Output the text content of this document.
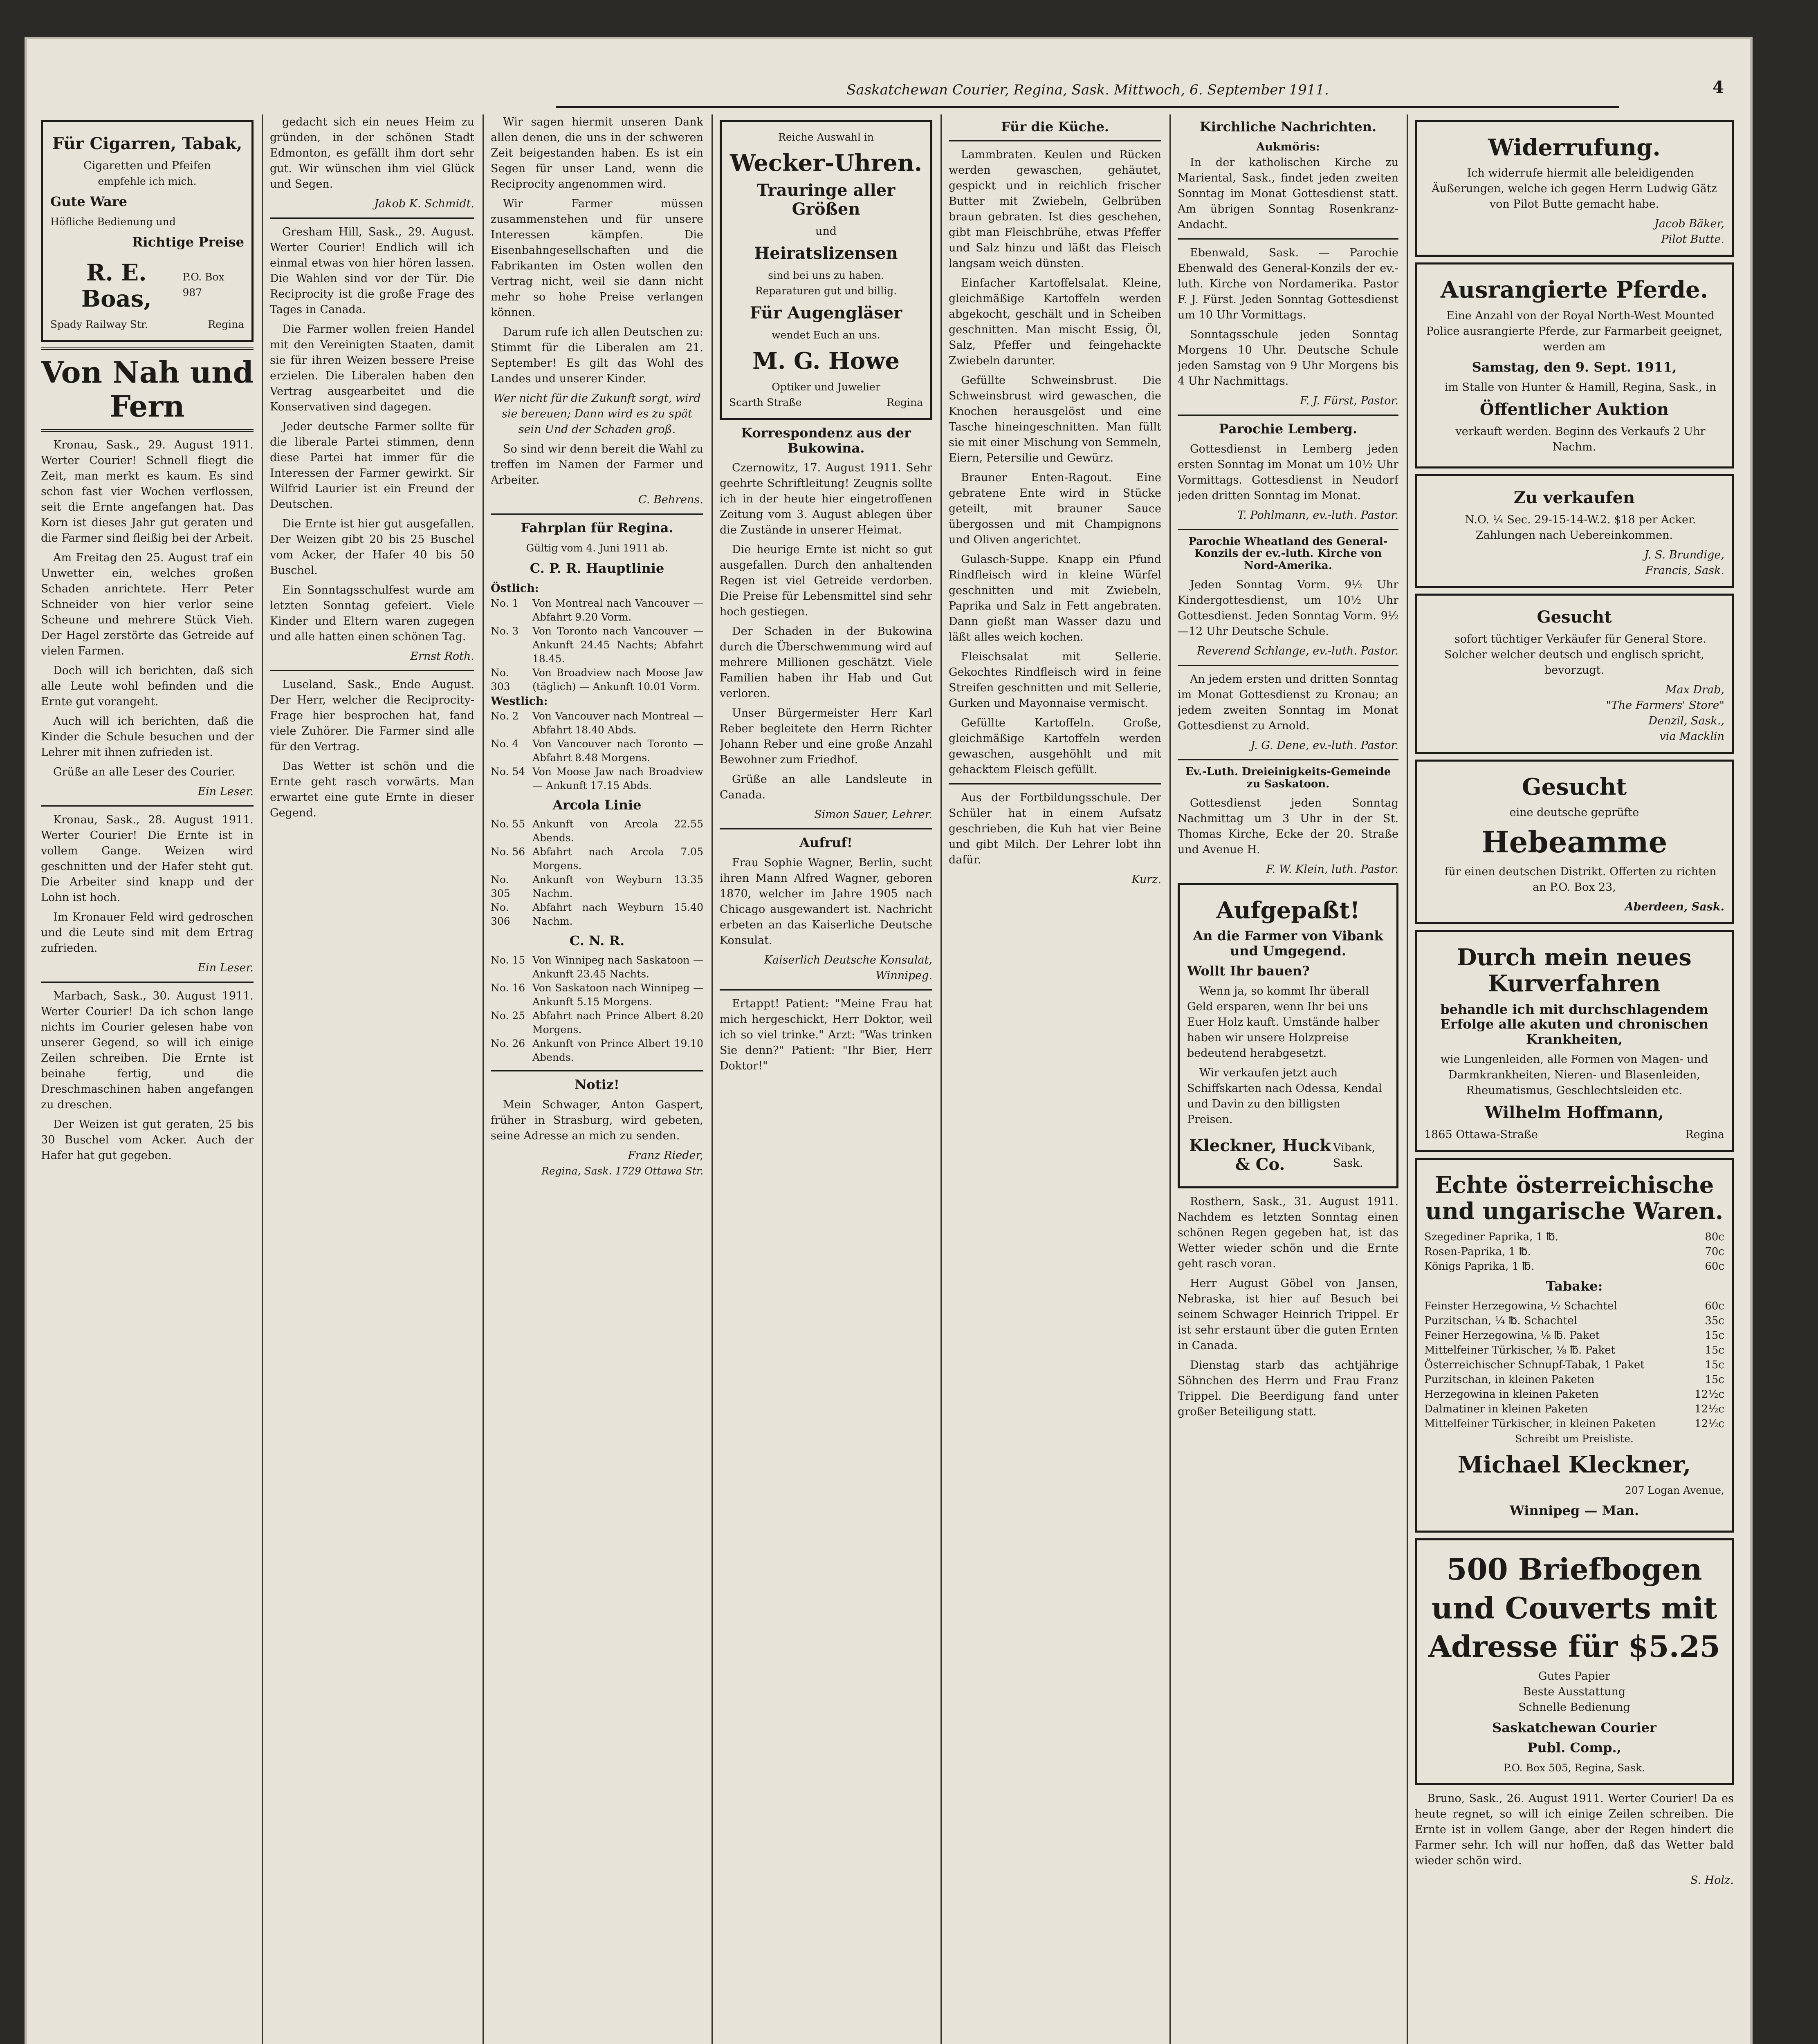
Saskatchewan Courier, Regina, Sask. Mittwoch, 6. September 1911.	4
Für Cigarren, Tabak,
Cigaretten und Pfeifen
empfehle ich mich.
Gute Ware
Höfliche Bedienung und
Richtige Preise
R. E. Boas,
P.O. Box 987
Spady Railway Str.	Regina
Von Nah und Fern

Kronau, Sask., 29. August 1911. Werter Courier! Schnell fliegt die Zeit, man merkt es kaum. Es sind schon fast vier Wochen verflossen, seit die Ernte angefangen hat. Das Korn ist dieses Jahr gut geraten und die Farmer sind fleißig bei der Arbeit.

Am Freitag den 25. August traf ein Unwetter ein, welches großen Schaden anrichtete. Herr Peter Schneider von hier verlor seine Scheune und mehrere Stück Vieh. Der Hagel zerstörte das Getreide auf vielen Farmen.

Doch will ich berichten, daß sich alle Leute wohl befinden und die Ernte gut vorangeht.

Auch will ich berichten, daß die Kinder die Schule besuchen und der Lehrer mit ihnen zufrieden ist.

Grüße an alle Leser des Courier.

Ein Leser.

Kronau, Sask., 28. August 1911. Werter Courier! Die Ernte ist in vollem Gange. Weizen wird geschnitten und der Hafer steht gut. Die Arbeiter sind knapp und der Lohn ist hoch.

Im Kronauer Feld wird gedroschen und die Leute sind mit dem Ertrag zufrieden.

Ein Leser.

Marbach, Sask., 30. August 1911. Werter Courier! Da ich schon lange nichts im Courier gelesen habe von unserer Gegend, so will ich einige Zeilen schreiben. Die Ernte ist beinahe fertig, und die Dreschmaschinen haben angefangen zu dreschen.

Der Weizen ist gut geraten, 25 bis 30 Buschel vom Acker. Auch der Hafer hat gut gegeben.

gedacht sich ein neues Heim zu gründen, in der schönen Stadt Edmonton, es gefällt ihm dort sehr gut. Wir wünschen ihm viel Glück und Segen.

Jakob K. Schmidt.

Gresham Hill, Sask., 29. August. Werter Courier! Endlich will ich einmal etwas von hier hören lassen. Die Wahlen sind vor der Tür. Die Reciprocity ist die große Frage des Tages in Canada.

Die Farmer wollen freien Handel mit den Vereinigten Staaten, damit sie für ihren Weizen bessere Preise erzielen. Die Liberalen haben den Vertrag ausgearbeitet und die Konservativen sind dagegen.

Jeder deutsche Farmer sollte für die liberale Partei stimmen, denn diese Partei hat immer für die Interessen der Farmer gewirkt. Sir Wilfrid Laurier ist ein Freund der Deutschen.

Die Ernte ist hier gut ausgefallen. Der Weizen gibt 20 bis 25 Buschel vom Acker, der Hafer 40 bis 50 Buschel.

Ein Sonntagsschulfest wurde am letzten Sonntag gefeiert. Viele Kinder und Eltern waren zugegen und alle hatten einen schönen Tag.

Ernst Roth.

Luseland, Sask., Ende August. Der Herr, welcher die Reciprocity-Frage hier besprochen hat, fand viele Zuhörer. Die Farmer sind alle für den Vertrag.

Das Wetter ist schön und die Ernte geht rasch vorwärts. Man erwartet eine gute Ernte in dieser Gegend.

Wir sagen hiermit unseren Dank allen denen, die uns in der schweren Zeit beigestanden haben. Es ist ein Segen für unser Land, wenn die Reciprocity angenommen wird.

Wir Farmer müssen zusammenstehen und für unsere Interessen kämpfen. Die Eisenbahngesellschaften und die Fabrikanten im Osten wollen den Vertrag nicht, weil sie dann nicht mehr so hohe Preise verlangen können.

Darum rufe ich allen Deutschen zu: Stimmt für die Liberalen am 21. September! Es gilt das Wohl des Landes und unserer Kinder.

Wer nicht für die Zukunft sorgt, wird sie bereuen; Dann wird es zu spät sein Und der Schaden groß.

So sind wir denn bereit die Wahl zu treffen im Namen der Farmer und Arbeiter.

C. Behrens.
Fahrplan für Regina.
Gültig vom 4. Juni 1911 ab.
C. P. R. Hauptlinie
Östlich:
No. 1	Von Montreal nach Vancouver — Abfahrt 9.20 Vorm.
No. 3	Von Toronto nach Vancouver — Ankunft 24.45 Nachts; Abfahrt 18.45.
No. 303
Von Broadview nach Moose Jaw (täglich) — Ankunft 10.01 Vorm.
Westlich:
No. 2	Von Vancouver nach Montreal — Abfahrt 18.40 Abds.
No. 4	Von Vancouver nach Toronto — Abfahrt 8.48 Morgens.
No. 54 Von Moose Jaw nach Broadview — Ankunft 17.15 Abds.
Arcola Linie
No. 55 Ankunft von Arcola 22.55 Abends.
No. 56 Abfahrt nach Arcola 7.05 Morgens.
No. 305
Ankunft von Weyburn 13.35 Nachm.
No. 306
Abfahrt nach Weyburn 15.40 Nachm.
C. N. R.
No. 15 Von Winnipeg nach Saskatoon — Ankunft 23.45 Nachts.
No. 16 Von Saskatoon nach Winnipeg — Ankunft 5.15 Morgens.
No. 25 Abfahrt nach Prince Albert 8.20 Morgens.
No. 26 Ankunft von Prince Albert 19.10 Abends.
Notiz!

Mein Schwager, Anton Gaspert, früher in Strasburg, wird gebeten, seine Adresse an mich zu senden.

Franz Rieder,
Regina, Sask. 1729 Ottawa Str.
Reiche Auswahl in
Wecker-Uhren.
Trauringe aller Größen
und
Heiratslizensen
sind bei uns zu haben.
Reparaturen gut und billig.
Für Augengläser
wendet Euch an uns.
M. G. Howe
Optiker und Juwelier
Scarth Straße	Regina
Korrespondenz aus der Bukowina.

Czernowitz, 17. August 1911. Sehr geehrte Schriftleitung! Zeugnis sollte ich in der heute hier eingetroffenen Zeitung vom 3. August ablegen über die Zustände in unserer Heimat.

Die heurige Ernte ist nicht so gut ausgefallen. Durch den anhaltenden Regen ist viel Getreide verdorben. Die Preise für Lebensmittel sind sehr hoch gestiegen.

Der Schaden in der Bukowina durch die Überschwemmung wird auf mehrere Millionen geschätzt. Viele Familien haben ihr Hab und Gut verloren.

Unser Bürgermeister Herr Karl Reber begleitete den Herrn Richter Johann Reber und eine große Anzahl Bewohner zum Friedhof.

Grüße an alle Landsleute in Canada.

Simon Sauer, Lehrer.
Aufruf!

Frau Sophie Wagner, Berlin, sucht ihren Mann Alfred Wagner, geboren 1870, welcher im Jahre 1905 nach Chicago ausgewandert ist. Nachricht erbeten an das Kaiserliche Deutsche Konsulat.

Kaiserlich Deutsche Konsulat,
Winnipeg.

Ertappt! Patient: "Meine Frau hat mich hergeschickt, Herr Doktor, weil ich so viel trinke." Arzt: "Was trinken Sie denn?" Patient: "Ihr Bier, Herr Doktor!"

Für die Küche.

Lammbraten. Keulen und Rücken werden gewaschen, gehäutet, gespickt und in reichlich frischer Butter mit Zwiebeln, Gelbrüben braun gebraten. Ist dies geschehen, gibt man Fleischbrühe, etwas Pfeffer und Salz hinzu und läßt das Fleisch langsam weich dünsten.

Einfacher Kartoffelsalat. Kleine, gleichmäßige Kartoffeln werden abgekocht, geschält und in Scheiben geschnitten. Man mischt Essig, Öl, Salz, Pfeffer und feingehackte Zwiebeln darunter.

Gefüllte Schweinsbrust. Die Schweinsbrust wird gewaschen, die Knochen herausgelöst und eine Tasche hineingeschnitten. Man füllt sie mit einer Mischung von Semmeln, Eiern, Petersilie und Gewürz.

Brauner Enten-Ragout. Eine gebratene Ente wird in Stücke geteilt, mit brauner Sauce übergossen und mit Champignons und Oliven angerichtet.

Gulasch-Suppe. Knapp ein Pfund Rindfleisch wird in kleine Würfel geschnitten und mit Zwiebeln, Paprika und Salz in Fett angebraten. Dann gießt man Wasser dazu und läßt alles weich kochen.

Fleischsalat mit Sellerie. Gekochtes Rindfleisch wird in feine Streifen geschnitten und mit Sellerie, Gurken und Mayonnaise vermischt.

Gefüllte Kartoffeln. Große, gleichmäßige Kartoffeln werden gewaschen, ausgehöhlt und mit gehacktem Fleisch gefüllt.

Aus der Fortbildungsschule. Der Schüler hat in einem Aufsatz geschrieben, die Kuh hat vier Beine und gibt Milch. Der Lehrer lobt ihn dafür.

Kurz.
Kirchliche Nachrichten.
Aukmöris:

In der katholischen Kirche zu Mariental, Sask., findet jeden zweiten Sonntag im Monat Gottesdienst statt. Am übrigen Sonntag Rosenkranz-Andacht.

Ebenwald, Sask. — Parochie Ebenwald des General-Konzils der ev.-luth. Kirche von Nordamerika. Pastor F. J. Fürst. Jeden Sonntag Gottesdienst um 10 Uhr Vormittags.

Sonntagsschule jeden Sonntag Morgens 10 Uhr. Deutsche Schule jeden Samstag von 9 Uhr Morgens bis 4 Uhr Nachmittags.

F. J. Fürst, Pastor.
Parochie Lemberg.

Gottesdienst in Lemberg jeden ersten Sonntag im Monat um 10½ Uhr Vormittags. Gottesdienst in Neudorf jeden dritten Sonntag im Monat.

T. Pohlmann, ev.-luth. Pastor.
Parochie Wheatland des General-Konzils der ev.-luth. Kirche von Nord-Amerika.

Jeden Sonntag Vorm. 9½ Uhr Kindergottesdienst, um 10½ Uhr Gottesdienst. Jeden Sonntag Vorm. 9½—12 Uhr Deutsche Schule.

Reverend Schlange, ev.-luth. Pastor.

An jedem ersten und dritten Sonntag im Monat Gottesdienst zu Kronau; an jedem zweiten Sonntag im Monat Gottesdienst zu Arnold.

J. G. Dene, ev.-luth. Pastor.
Ev.-Luth. Dreieinigkeits-Gemeinde zu Saskatoon.

Gottesdienst jeden Sonntag Nachmittag um 3 Uhr in der St. Thomas Kirche, Ecke der 20. Straße und Avenue H.

F. W. Klein, luth. Pastor.
Aufgepaßt!
An die Farmer von Vibank und Umgegend.
Wollt Ihr bauen?

Wenn ja, so kommt Ihr überall Geld ersparen, wenn Ihr bei uns Euer Holz kauft. Umstände halber haben wir unsere Holzpreise bedeutend herabgesetzt.

Wir verkaufen jetzt auch Schiffskarten nach Odessa, Kendal und Davin zu den billigsten Preisen.

Kleckner, Huck & Co.
Vibank, Sask.

Rosthern, Sask., 31. August 1911. Nachdem es letzten Sonntag einen schönen Regen gegeben hat, ist das Wetter wieder schön und die Ernte geht rasch voran.

Herr August Göbel von Jansen, Nebraska, ist hier auf Besuch bei seinem Schwager Heinrich Trippel. Er ist sehr erstaunt über die guten Ernten in Canada.

Dienstag starb das achtjährige Söhnchen des Herrn und Frau Franz Trippel. Die Beerdigung fand unter großer Beteiligung statt.

Widerrufung.

Ich widerrufe hiermit alle beleidigenden Äußerungen, welche ich gegen Herrn Ludwig Gätz von Pilot Butte gemacht habe.

Jacob Bäker,
Pilot Butte.
Ausrangierte Pferde.

Eine Anzahl von der Royal North-West Mounted Police ausrangierte Pferde, zur Farmarbeit geeignet, werden am

Samstag, den 9. Sept. 1911,

im Stalle von Hunter & Hamill, Regina, Sask., in

Öffentlicher Auktion

verkauft werden. Beginn des Verkaufs 2 Uhr Nachm.

Zu verkaufen

N.O. ¼ Sec. 29-15-14-W.2. $18 per Acker. Zahlungen nach Uebereinkommen.

J. S. Brundige,
Francis, Sask.
Gesucht

sofort tüchtiger Verkäufer für General Store. Solcher welcher deutsch und englisch spricht, bevorzugt.

Max Drab,
"The Farmers' Store"
Denzil, Sask.,
via Macklin
Gesucht
eine deutsche geprüfte
Hebeamme

für einen deutschen Distrikt. Offerten zu richten an P.O. Box 23,

Aberdeen, Sask.
Durch mein neues Kurverfahren
behandle ich mit durchschlagendem Erfolge alle akuten und chronischen Krankheiten,

wie Lungenleiden, alle Formen von Magen- und Darmkrankheiten, Nieren- und Blasenleiden, Rheumatismus, Geschlechtsleiden etc.

Wilhelm Hoffmann,
1865 Ottawa-Straße	Regina
Echte österreichische und ungarische Waren.
Szegediner Paprika, 1 ℔.	80c
Rosen-Paprika, 1 ℔.	70c
Königs Paprika, 1 ℔.	60c
Tabake:
Feinster Herzegowina, ½ Schachtel	60c
Purzitschan, ¼ ℔. Schachtel	35c
Feiner Herzegowina, ⅛ ℔. Paket	15c
Mittelfeiner Türkischer, ⅛ ℔. Paket	15c
Österreichischer Schnupf-Tabak, 1 Paket	15c
Purzitschan, in kleinen Paketen	15c
Herzegowina in kleinen Paketen	12½c
Dalmatiner in kleinen Paketen	12½c
Mittelfeiner Türkischer, in kleinen Paketen	12½c
Schreibt um Preisliste.
Michael Kleckner,
207 Logan Avenue,
Winnipeg — Man.
500 Briefbogen
und Couverts mit
Adresse für $5.25
Gutes Papier
Beste Ausstattung
Schnelle Bedienung
Saskatchewan Courier
Publ. Comp.,
P.O. Box 505, Regina, Sask.

Bruno, Sask., 26. August 1911. Werter Courier! Da es heute regnet, so will ich einige Zeilen schreiben. Die Ernte ist in vollem Gange, aber der Regen hindert die Farmer sehr. Ich will nur hoffen, daß das Wetter bald wieder schön wird.

S. Holz.
